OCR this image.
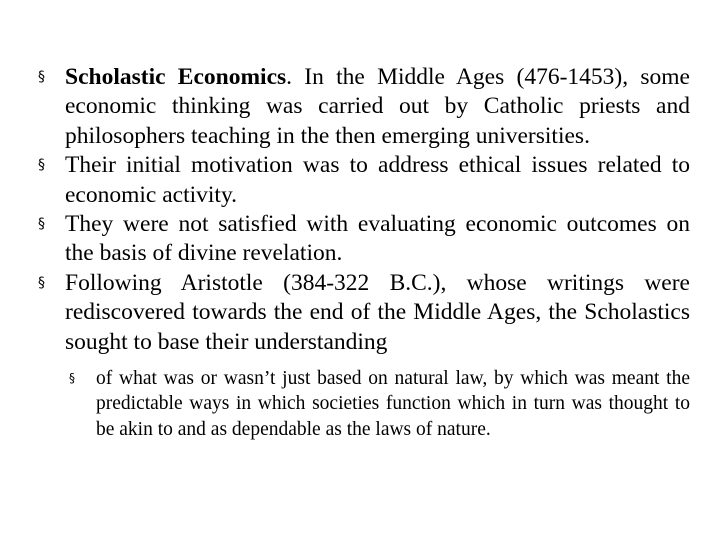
§ Scholastic Economics. In the Middle Ages (476-1453), some economic thinking was carried out by Catholic priests and philosophers teaching in the then emerging universities.
§ Their initial motivation was to address ethical issues related to economic activity.
§ They were not satisfied with evaluating economic outcomes on the basis of divine revelation.
§ Following Aristotle (384-322 B.C.), whose writings were rediscovered towards the end of the Middle Ages, the Scholastics sought to base their understanding
§ of what was or wasn’t just based on natural law, by which was meant the predictable ways in which societies function which in turn was thought to be akin to and as dependable as the laws of nature.
